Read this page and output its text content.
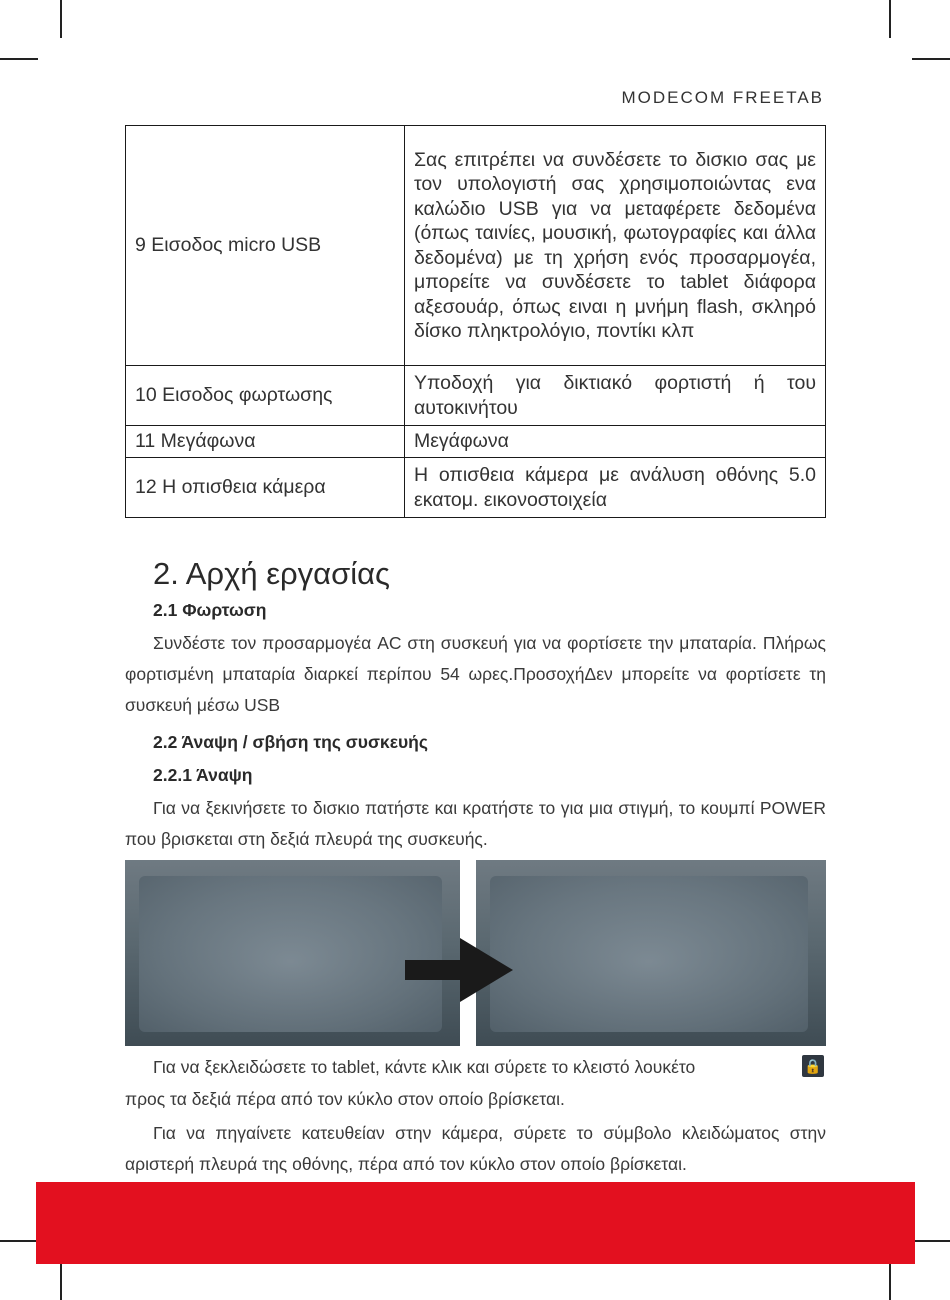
MODECOM FREETAB
9 Εισοδος micro USB	Σας επιτρέπει να συνδέσετε το δισκιο σας με τον υπολογιστή σας χρησιμοποιώντας ενα καλώδιο USB για να μεταφέρετε δεδομένα (όπως ταινίες, μουσική, φωτογραφίες και άλλα δεδομένα) με τη χρήση ενός προσαρμογέα, μπορείτε να συνδέσετε το tablet διάφορα αξεσουάρ, όπως ειναι η μνήμη flash, σκληρό δίσκο πληκτρολόγιο, ποντίκι κλπ
10 Εισοδος φωρτωσης	Υποδοχή για δικτιακό φορτιστή ή του αυτοκινήτου
11 Μεγάφωνα	Μεγάφωνα
12 Η οπισθεια κάμερα	Η οπισθεια κάμερα με ανάλυση οθόνης 5.0 εκατομ. εικονοστοιχεία
2. Αρχή εργασίας
2.1 Φωρτωση
Συνδέστε τον προσαρμογέα AC στη συσκευή για να φορτίσετε την μπαταρία. Πλήρως φορτισμένη μπαταρία διαρκεί περίπου 54 ωρες.ΠροσοχήΔεν μπορείτε να φορτίσετε τη συσκευή μέσω USB
2.2 Άναψη / σβήση της συσκευής
2.2.1 Άναψη
Για να ξεκινήσετε το δισκιο πατήστε και κρατήστε το για μια στιγμή, το κουμπί POWER που βρισκεται στη δεξιά πλευρά της συσκευής.
Για να ξεκλειδώσετε το tablet, κάντε κλικ και σύρετε το κλειστό λουκέτο	🔒
προς τα δεξιά πέρα από τον κύκλο στον οποίο βρίσκεται.
Για να πηγαίνετε κατευθείαν στην κάμερα, σύρετε το σύμβολο κλειδώματος στην αριστερή πλευρά της οθόνης, πέρα από τον κύκλο στον οποίο βρίσκεται.
